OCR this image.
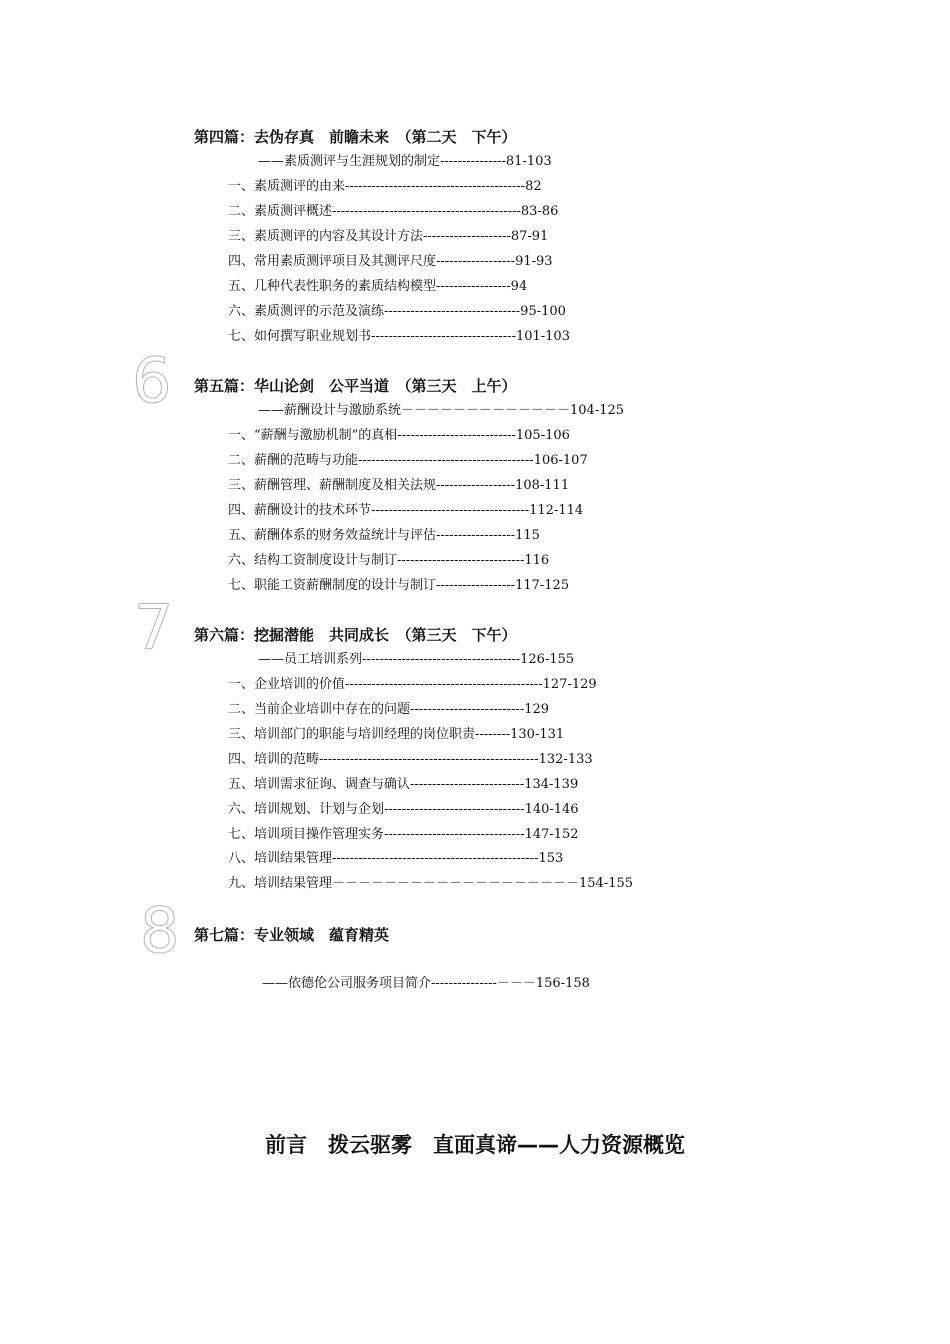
第四篇：去伪存真　前瞻未来　（第二天　下午）
——素质测评与生涯规划的制定---------------81-103
一、素质测评的由来-----------------------------------------82
二、素质测评概述-------------------------------------------83-86
三、素质测评的内容及其设计方法--------------------87-91
四、常用素质测评项目及其测评尺度------------------91-93
五、几种代表性职务的素质结构模型-----------------94
六、素质测评的示范及演练-------------------------------95-100
七、如何撰写职业规划书---------------------------------101-103
6 第五篇：华山论剑　公平当道　（第三天　上午）
——薪酬设计与激励系统－－－－－－－－－－－－－104-125
一、“薪酬与激励机制”的真相---------------------------105-106
二、薪酬的范畴与功能----------------------------------------106-107
三、薪酬管理、薪酬制度及相关法规------------------108-111
四、薪酬设计的技术环节------------------------------------112-114
五、薪酬体系的财务效益统计与评估------------------115
六、结构工资制度设计与制订-----------------------------116
七、职能工资薪酬制度的设计与制订------------------117-125
7 第六篇：挖掘潜能　共同成长　（第三天　下午）
——员工培训系列------------------------------------126-155
一、企业培训的价值---------------------------------------------127-129
二、当前企业培训中存在的问题--------------------------129
三、培训部门的职能与培训经理的岗位职责--------130-131
四、培训的范畴--------------------------------------------------132-133
五、培训需求征询、调查与确认--------------------------134-139
六、培训规划、计划与企划--------------------------------140-146
七、培训项目操作管理实务--------------------------------147-152
八、培训结果管理-----------------------------------------------153
九、培训结果管理－－－－－－－－－－－－－－－－－－－154-155
8 第七篇：专业领域　蕴育精英
——依德伦公司服务项目简介---------------－－－156-158
前言　拨云驱雾　直面真谛——人力资源概览
